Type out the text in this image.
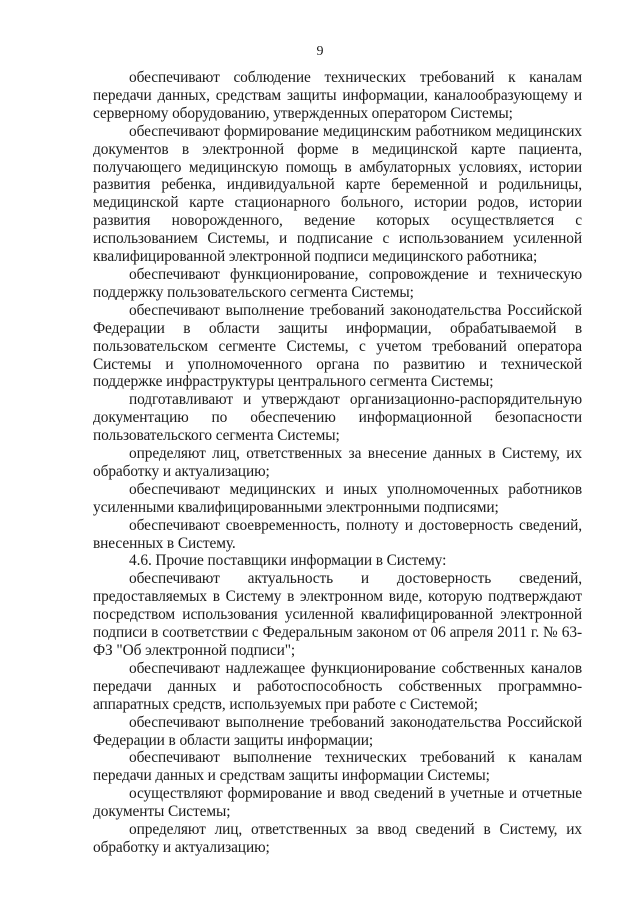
9

обеспечивают соблюдение технических требований к каналам передачи данных, средствам защиты информации, каналообразующему и серверному оборудованию, утвержденных оператором Системы;

обеспечивают формирование медицинским работником медицинских документов в электронной форме в медицинской карте пациента, получающего медицинскую помощь в амбулаторных условиях, истории развития ребенка, индивидуальной карте беременной и родильницы, медицинской карте стационарного больного, истории родов, истории развития новорожденного, ведение которых осуществляется с использованием Системы, и подписание с использованием усиленной квалифицированной электронной подписи медицинского работника;

обеспечивают функционирование, сопровождение и техническую поддержку пользовательского сегмента Системы;

обеспечивают выполнение требований законодательства Российской Федерации в области защиты информации, обрабатываемой в пользовательском сегменте Системы, с учетом требований оператора Системы и уполномоченного органа по развитию и технической поддержке инфраструктуры центрального сегмента Системы;

подготавливают и утверждают организационно-распорядительную документацию по обеспечению информационной безопасности пользовательского сегмента Системы;

определяют лиц, ответственных за внесение данных в Систему, их обработку и актуализацию;

обеспечивают медицинских и иных уполномоченных работников усиленными квалифицированными электронными подписями;

обеспечивают своевременность, полноту и достоверность сведений, внесенных в Систему.

4.6. Прочие поставщики информации в Систему:

обеспечивают актуальность и достоверность сведений, предоставляемых в Систему в электронном виде, которую подтверждают посредством использования усиленной квалифицированной электронной подписи в соответствии с Федеральным законом от 06 апреля 2011 г. № 63-ФЗ "Об электронной подписи";

обеспечивают надлежащее функционирование собственных каналов передачи данных и работоспособность собственных программно-аппаратных средств, используемых при работе с Системой;

обеспечивают выполнение требований законодательства Российской Федерации в области защиты информации;

обеспечивают выполнение технических требований к каналам передачи данных и средствам защиты информации Системы;

осуществляют формирование и ввод сведений в учетные и отчетные документы Системы;

определяют лиц, ответственных за ввод сведений в Систему, их обработку и актуализацию;
